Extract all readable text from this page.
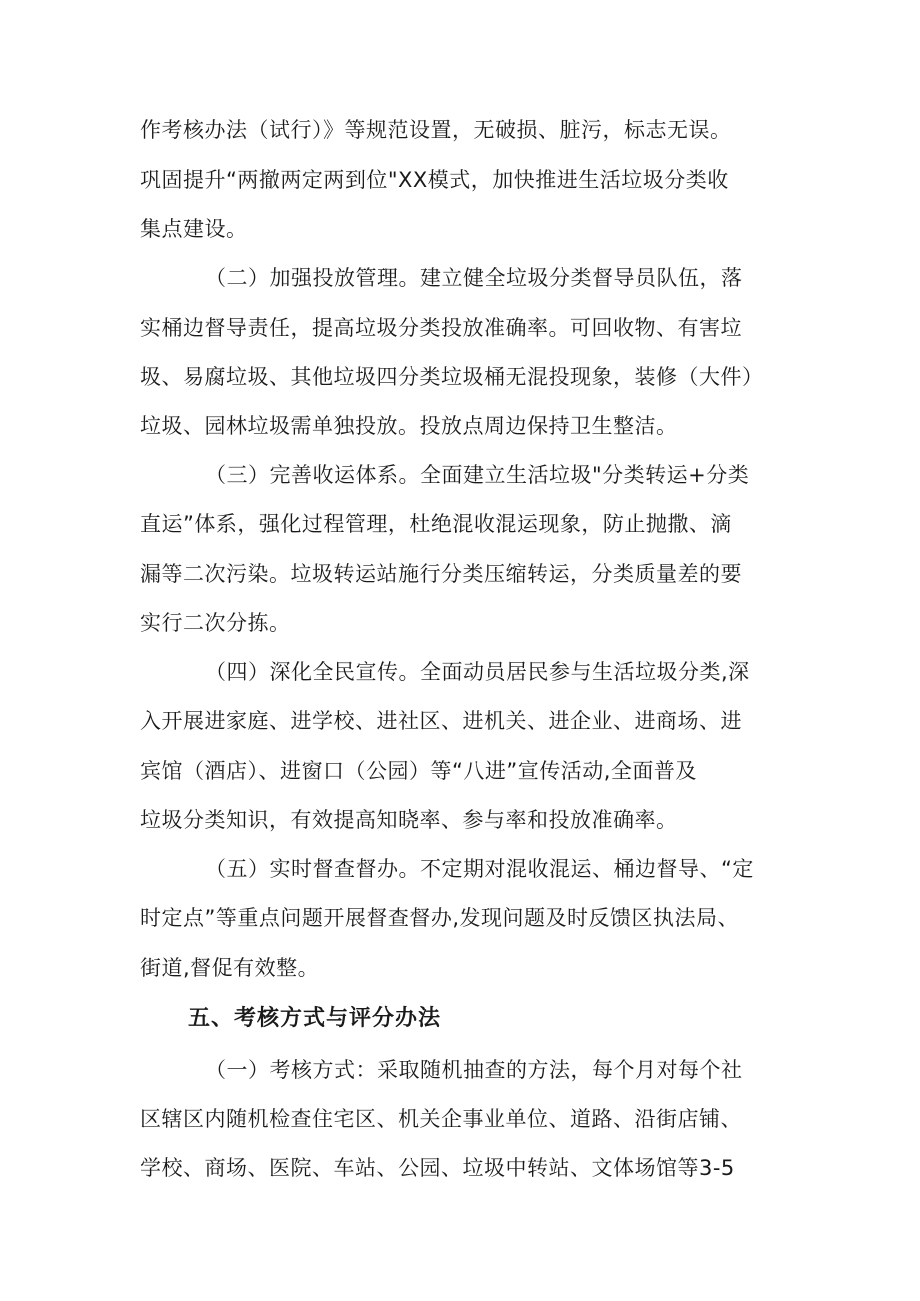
作考核办法（试行）》等规范设置，无破损、脏污，标志无误。
巩固提升“两撤两定两到位"XX模式，加快推进生活垃圾分类收
集点建设。
（二）加强投放管理。建立健全垃圾分类督导员队伍，落
实桶边督导责任，提高垃圾分类投放准确率。可回收物、有害垃
圾、易腐垃圾、其他垃圾四分类垃圾桶无混投现象，装修（大件）
垃圾、园林垃圾需单独投放。投放点周边保持卫生整洁。
（三）完善收运体系。全面建立生活垃圾"分类转运+分类
直运”体系，强化过程管理，杜绝混收混运现象，防止抛撒、滴
漏等二次污染。垃圾转运站施行分类压缩转运，分类质量差的要
实行二次分拣。
（四）深化全民宣传。全面动员居民参与生活垃圾分类,深
入开展进家庭、进学校、进社区、进机关、进企业、进商场、进
宾馆（酒店）、进窗口（公园）等“八进”宣传活动,全面普及
垃圾分类知识，有效提高知晓率、参与率和投放准确率。
（五）实时督查督办。不定期对混收混运、桶边督导、“定
时定点”等重点问题开展督查督办,发现问题及时反馈区执法局、
街道,督促有效整。
五、考核方式与评分办法
（一）考核方式：采取随机抽查的方法，每个月对每个社
区辖区内随机检查住宅区、机关企事业单位、道路、沿街店铺、
学校、商场、医院、车站、公园、垃圾中转站、文体场馆等3-5
